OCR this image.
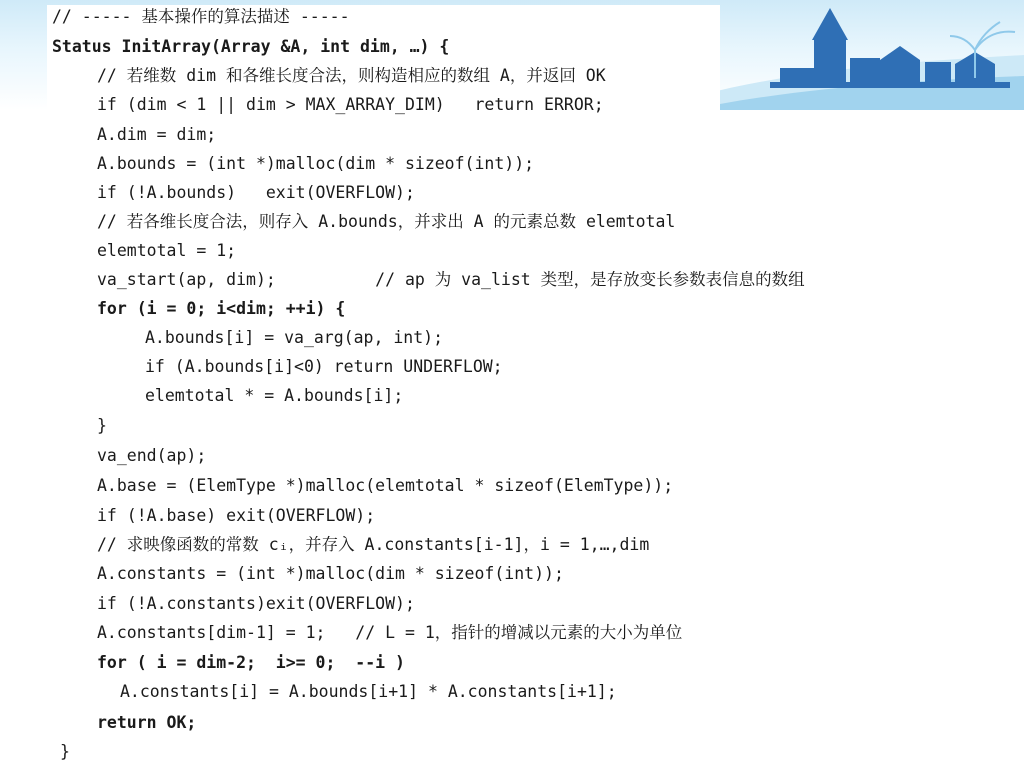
// ----- 基本操作的算法描述 -----
Status InitArray(Array &A, int dim, …) {
// 若维数 dim 和各维长度合法，则构造相应的数组 A，并返回 OK
if (dim < 1 || dim > MAX_ARRAY_DIM)   return ERROR;
A.dim = dim;
A.bounds = (int *)malloc(dim * sizeof(int));
if (!A.bounds)   exit(OVERFLOW);
// 若各维长度合法，则存入 A.bounds，并求出 A 的元素总数 elemtotal
elemtotal = 1;
va_start(ap, dim);          // ap 为 va_list 类型，是存放变长参数表信息的数组
for (i = 0; i<dim; ++i) {
A.bounds[i] = va_arg(ap, int);
if (A.bounds[i]<0) return UNDERFLOW;
elemtotal * = A.bounds[i];
}
va_end(ap);
A.base = (ElemType *)malloc(elemtotal * sizeof(ElemType));
if (!A.base) exit(OVERFLOW);
// 求映像函数的常数 cᵢ，并存入 A.constants[i-1]，i = 1,…,dim
A.constants = (int *)malloc(dim * sizeof(int));
if (!A.constants)exit(OVERFLOW);
A.constants[dim-1] = 1;   // L = 1，指针的增减以元素的大小为单位
for ( i = dim-2;  i>= 0;  --i )
A.constants[i] = A.bounds[i+1] * A.constants[i+1];
return OK;
}
